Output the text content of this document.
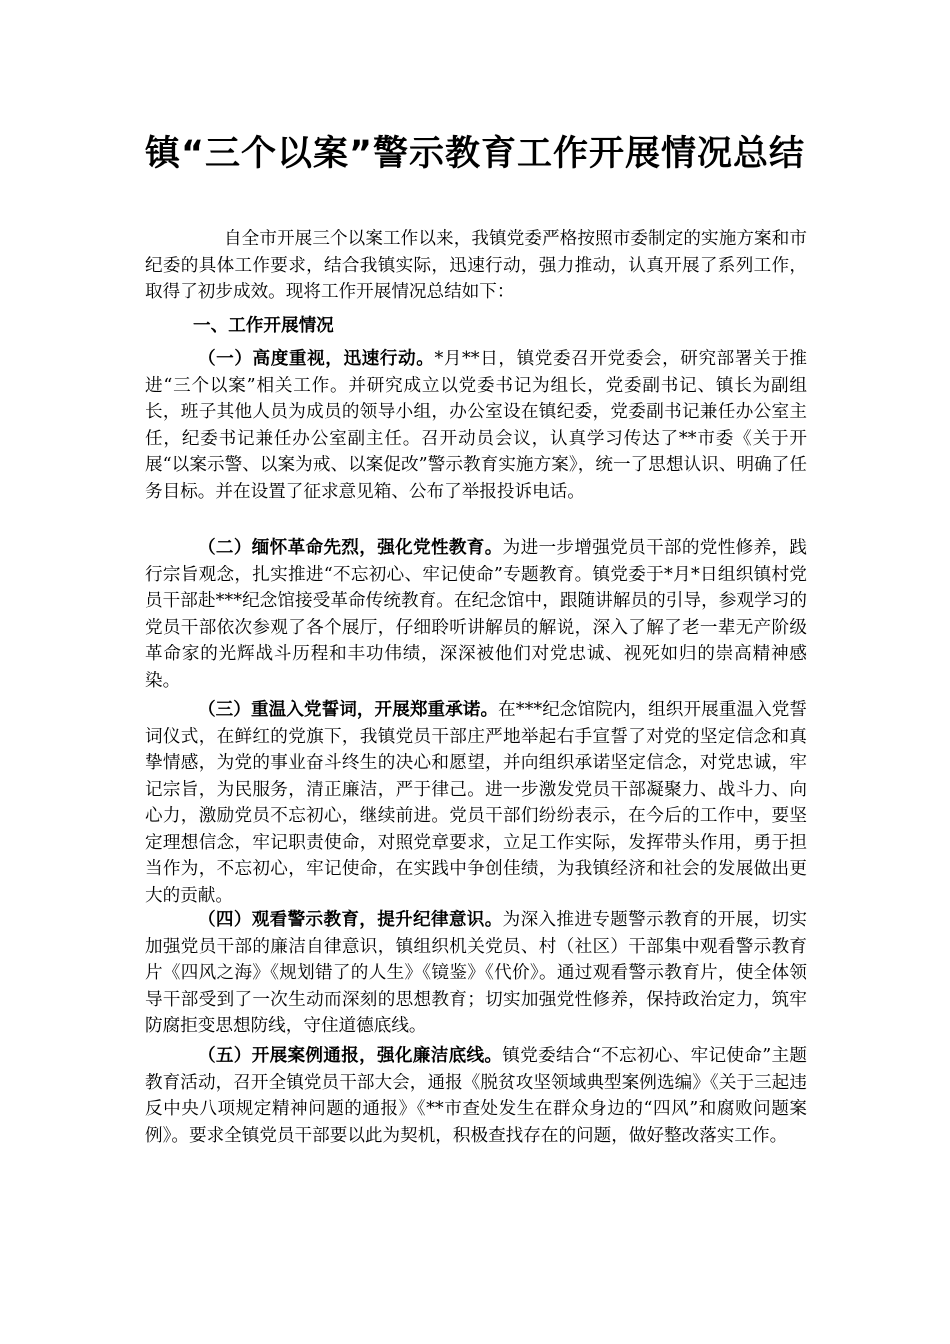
镇“三个以案”警示教育工作开展情况总结

自全市开展三个以案工作以来，我镇党委严格按照市委制定的实施方案和市纪委的具体工作要求，结合我镇实际，迅速行动，强力推动，认真开展了系列工作，取得了初步成效。现将工作开展情况总结如下：

一、工作开展情况

（一）高度重视，迅速行动。*月**日，镇党委召开党委会，研究部署关于推进“三个以案”相关工作。并研究成立以党委书记为组长，党委副书记、镇长为副组长，班子其他人员为成员的领导小组，办公室设在镇纪委，党委副书记兼任办公室主任，纪委书记兼任办公室副主任。召开动员会议，认真学习传达了**市委《关于开展“以案示警、以案为戒、以案促改”警示教育实施方案》，统一了思想认识、明确了任务目标。并在设置了征求意见箱、公布了举报投诉电话。

（二）缅怀革命先烈，强化党性教育。为进一步增强党员干部的党性修养，践行宗旨观念，扎实推进“不忘初心、牢记使命”专题教育。镇党委于*月*日组织镇村党员干部赴***纪念馆接受革命传统教育。在纪念馆中，跟随讲解员的引导，参观学习的党员干部依次参观了各个展厅，仔细聆听讲解员的解说，深入了解了老一辈无产阶级革命家的光辉战斗历程和丰功伟绩，深深被他们对党忠诚、视死如归的崇高精神感染。

（三）重温入党誓词，开展郑重承诺。在***纪念馆院内，组织开展重温入党誓词仪式，在鲜红的党旗下，我镇党员干部庄严地举起右手宣誓了对党的坚定信念和真挚情感，为党的事业奋斗终生的决心和愿望，并向组织承诺坚定信念，对党忠诚，牢记宗旨，为民服务，清正廉洁，严于律己。进一步激发党员干部凝聚力、战斗力、向心力，激励党员不忘初心，继续前进。党员干部们纷纷表示，在今后的工作中，要坚定理想信念，牢记职责使命，对照党章要求，立足工作实际，发挥带头作用，勇于担当作为，不忘初心，牢记使命，在实践中争创佳绩，为我镇经济和社会的发展做出更大的贡献。

（四）观看警示教育，提升纪律意识。为深入推进专题警示教育的开展，切实加强党员干部的廉洁自律意识，镇组织机关党员、村（社区）干部集中观看警示教育片《四风之海》《规划错了的人生》《镜鉴》《代价》。通过观看警示教育片，使全体领导干部受到了一次生动而深刻的思想教育；切实加强党性修养，保持政治定力，筑牢防腐拒变思想防线，守住道德底线。

（五）开展案例通报，强化廉洁底线。镇党委结合“不忘初心、牢记使命”主题教育活动，召开全镇党员干部大会，通报《脱贫攻坚领域典型案例选编》《关于三起违反中央八项规定精神问题的通报》《**市查处发生在群众身边的“四风”和腐败问题案例》。要求全镇党员干部要以此为契机，积极查找存在的问题，做好整改落实工作。
